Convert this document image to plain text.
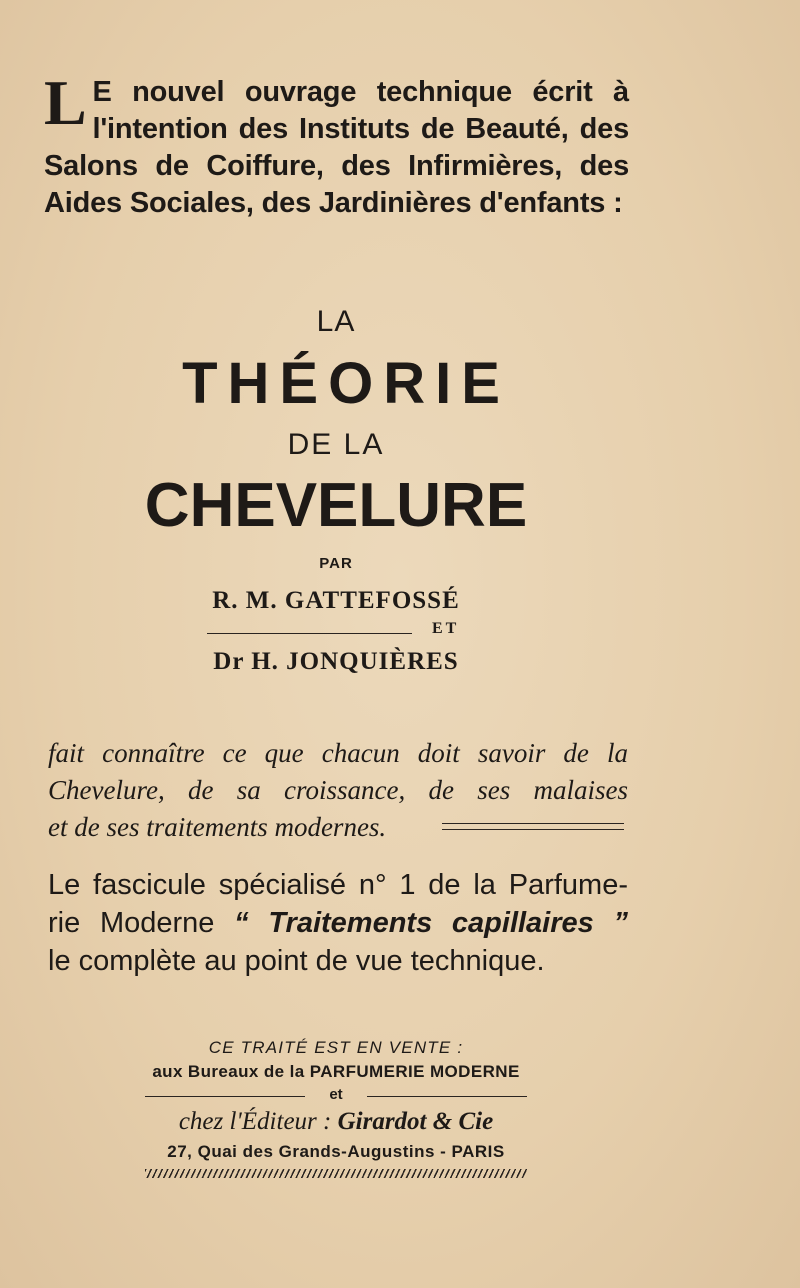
L E nouvel ouvrage technique écrit à
l'intention des Instituts de Beauté, des
Salons de Coiffure, des Infirmières, des
Aides Sociales, des Jardinières d'enfants :
LA
THÉORIE
DE LA
CHEVELURE
PAR
R. M. GATTEFOSSÉ
ET
Dr H. JONQUIÈRES
fait connaître ce que chacun doit savoir de la
Chevelure, de sa croissance, de ses malaises
et de ses traitements modernes.
Le fascicule spécialisé n° 1 de la Parfume-
rie Moderne “ Traitements capillaires ”
le complète au point de vue technique.
CE TRAITÉ EST EN VENTE :
aux Bureaux de la PARFUMERIE MODERNE
et
chez l'Éditeur : Girardot & Cie
27, Quai des Grands-Augustins - PARIS
